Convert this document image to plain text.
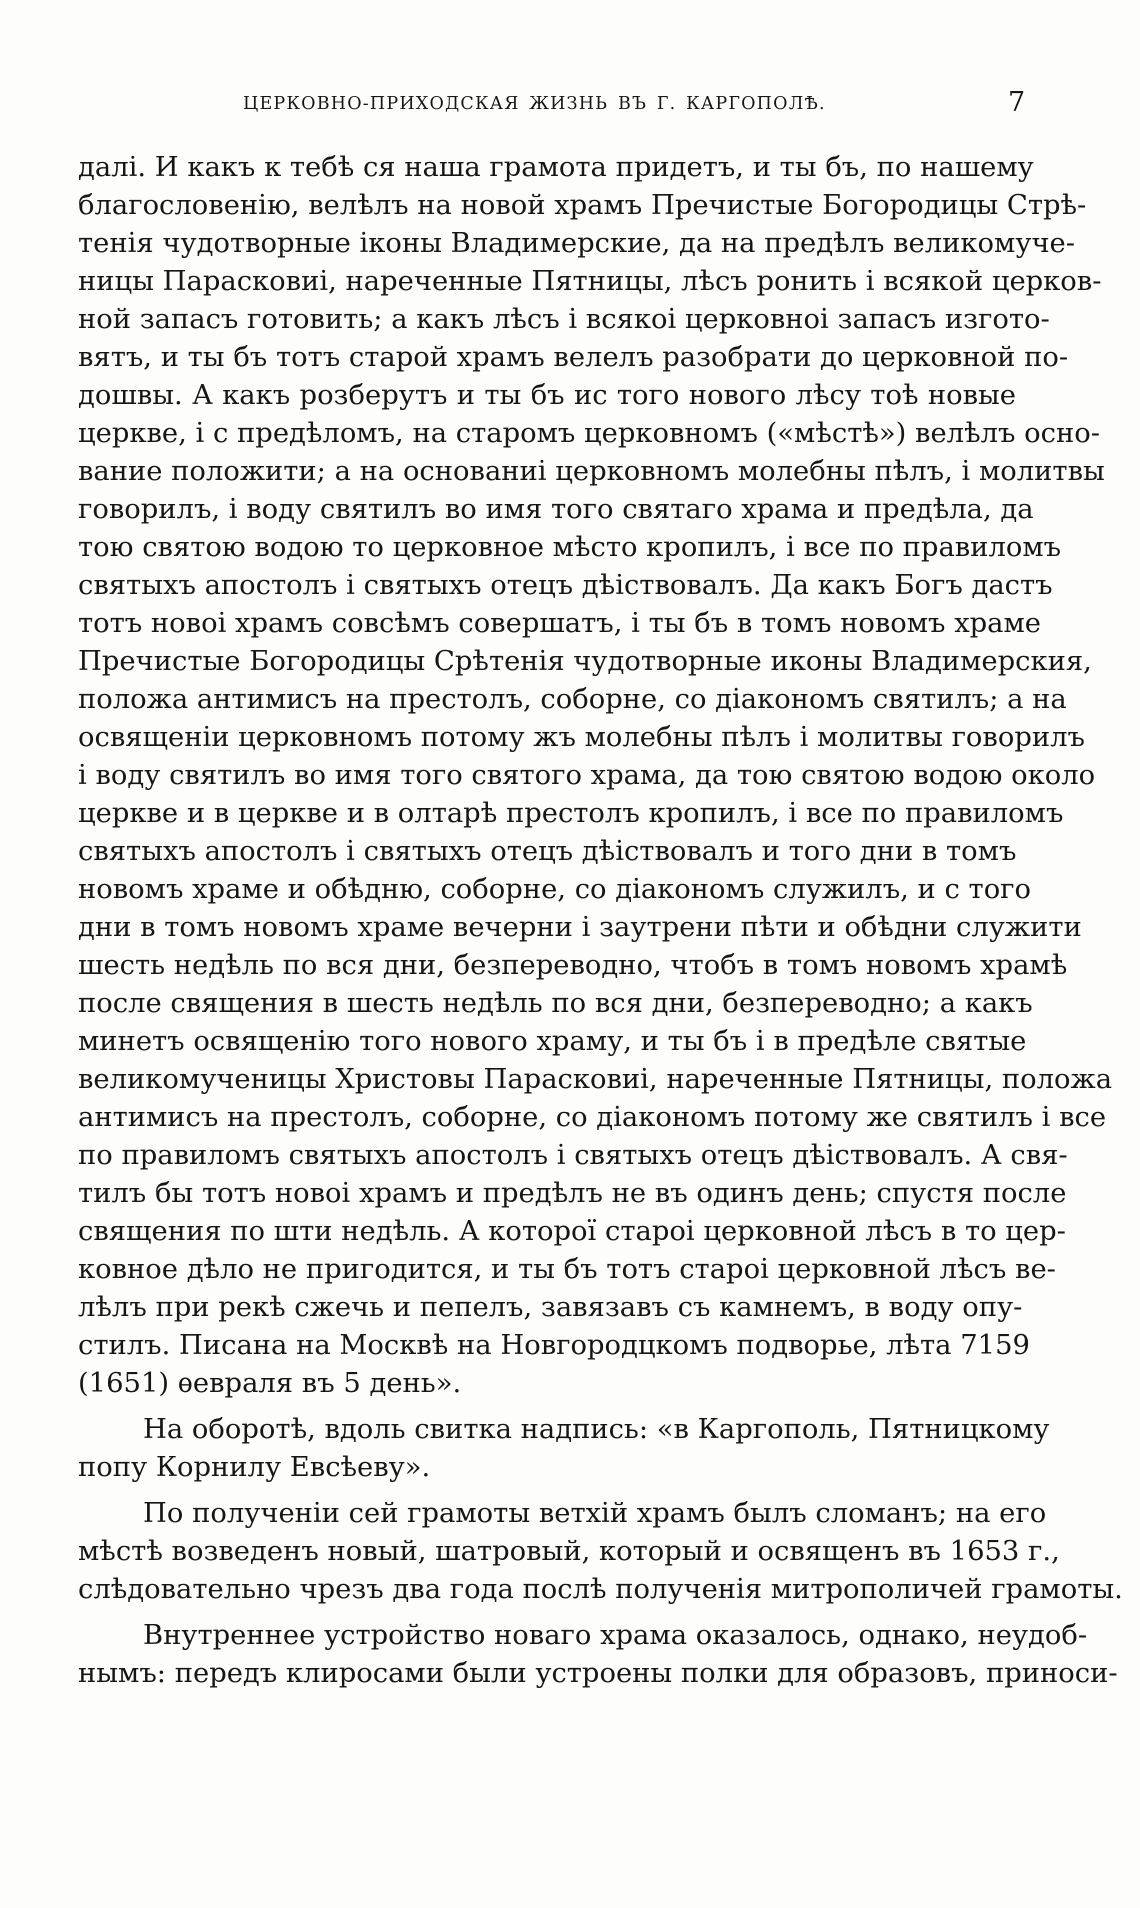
ЦЕРКОВНО-ПРИХОДСКАЯ ЖИЗНЬ ВЪ Г. КАРГОПОЛѢ.	7
далі. И какъ к тебѣ ся наша грамота придетъ, и ты бъ, по нашему
благословенію, велѣлъ на новой храмъ Пречистые Богородицы Стрѣ-
тенія чудотворные іконы Владимерские, да на предѣлъ великомуче-
ницы Парасковиі, нареченные Пятницы, лѣсъ ронить і всякой церков-
ной запасъ готовить; а какъ лѣсъ і всякоі церковноі запасъ изгото-
вятъ, и ты бъ тотъ старой храмъ велелъ разобрати до церковной по-
дошвы. А какъ розберутъ и ты бъ ис того нового лѣсу тоѣ новые
церкве, і с предѣломъ, на старомъ церковномъ («мѣстѣ») велѣлъ осно-
вание положити; а на основаниі церковномъ молебны пѣлъ, і молитвы
говорилъ, і воду святилъ во имя того святаго храма и предѣла, да
тою святою водою то церковное мѣсто кропилъ, і все по правиломъ
святыхъ апостолъ і святыхъ отецъ дѣіствовалъ. Да какъ Богъ дастъ
тотъ новоі храмъ совсѣмъ совершатъ, і ты бъ в томъ новомъ храме
Пречистые Богородицы Срѣтенія чудотворные иконы Владимерския,
положа антимисъ на престолъ, соборне, со діакономъ святилъ; а на
освященіи церковномъ потому жъ молебны пѣлъ і молитвы говорилъ
і воду святилъ во имя того святого храма, да тою святою водою около
церкве и в церкве и в олтарѣ престолъ кропилъ, і все по правиломъ
святыхъ апостолъ і святыхъ отецъ дѣіствовалъ и того дни в томъ
новомъ храме и обѣдню, соборне, со діакономъ служилъ, и с того
дни в томъ новомъ храме вечерни і заутрени пѣти и обѣдни служити
шесть недѣль по вся дни, безпереводно, чтобъ в томъ новомъ храмѣ
после священия в шесть недѣль по вся дни, безпереводно; а какъ
минетъ освященію того нового храму, и ты бъ і в предѣле святые
великомученицы Христовы Парасковиі, нареченные Пятницы, положа
антимисъ на престолъ, соборне, со діакономъ потому же святилъ і все
по правиломъ святыхъ апостолъ і святыхъ отецъ дѣіствовалъ. А свя-
тилъ бы тотъ новоі храмъ и предѣлъ не въ одинъ день; спустя после
священия по шти недѣль. А которої староі церковной лѣсъ в то цер-
ковное дѣло не пригодится, и ты бъ тотъ староі церковной лѣсъ ве-
лѣлъ при рекѣ сжечь и пепелъ, завязавъ съ камнемъ, в воду опу-
стилъ. Писана на Москвѣ на Новгородцкомъ подворье, лѣта 7159
(1651) ѳевраля въ 5 день».
На оборотѣ, вдоль свитка надпись: «в Каргополь, Пятницкому
попу Корнилу Евсѣеву».
По полученіи сей грамоты ветхій храмъ былъ сломанъ; на его
мѣстѣ возведенъ новый, шатровый, который и освященъ въ 1653 г.,
слѣдовательно чрезъ два года послѣ полученія митрополичей грамоты.
Внутреннее устройство новаго храма оказалось, однако, неудоб-
нымъ: передъ клиросами были устроены полки для образовъ, приноси-
